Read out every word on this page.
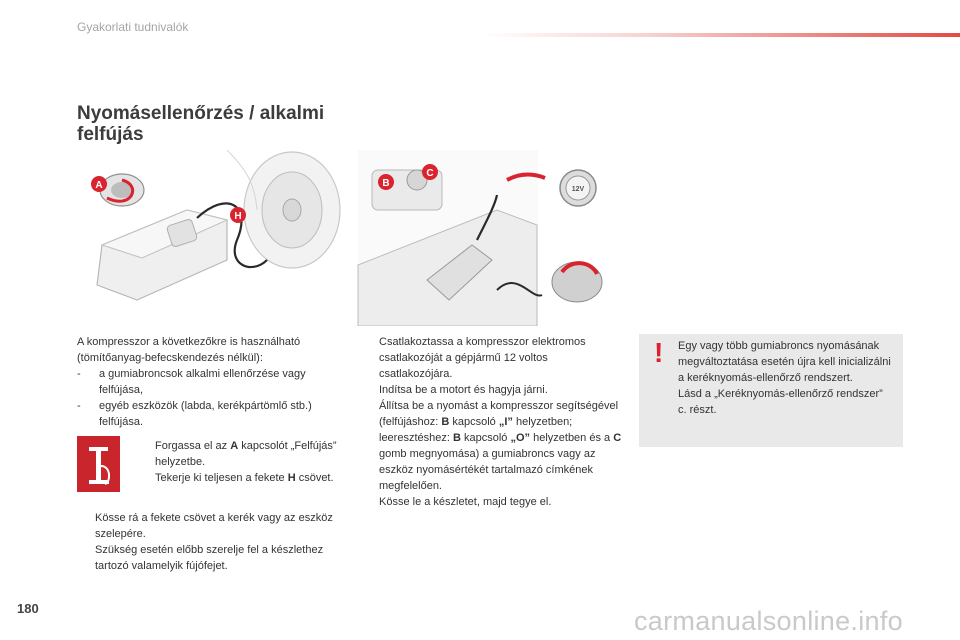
Gyakorlati tudnivalók
Nyomásellenőrzés / alkalmi felfújás
A
H
B
C
12V
A kompresszor a következőkre is használható (tömítőanyag-befecskendezés nélkül):
-	a gumiabroncsok alkalmi ellenőrzése vagy felfújása,
-	egyéb eszközök (labda, kerékpártömlő stb.) felfújása.
Forgassa el az A kapcsolót „Felfújás” helyzetbe.
Tekerje ki teljesen a fekete H csövet.
Kösse rá a fekete csövet a kerék vagy az eszköz szelepére.
Szükség esetén előbb szerelje fel a készlethez tartozó valamelyik fújófejet.
Csatlakoztassa a kompresszor elektromos csatlakozóját a gépjármű 12 voltos csatlakozójára.
Indítsa be a motort és hagyja járni.
Állítsa be a nyomást a kompresszor segítségével (felfújáshoz: B kapcsoló „I” helyzetben; leeresztéshez: B kapcsoló „O” helyzetben és a C gomb megnyomása) a gumiabroncs vagy az eszköz nyomásértékét tartalmazó címkének megfelelően.
Kösse le a készletet, majd tegye el.
! Egy vagy több gumiabroncs nyomásának megváltoztatása esetén újra kell inicializálni a keréknyomás-ellenőrző rendszert.
Lásd a „Keréknyomás-ellenőrző rendszer” c. részt.
180	carmanualsonline.info
